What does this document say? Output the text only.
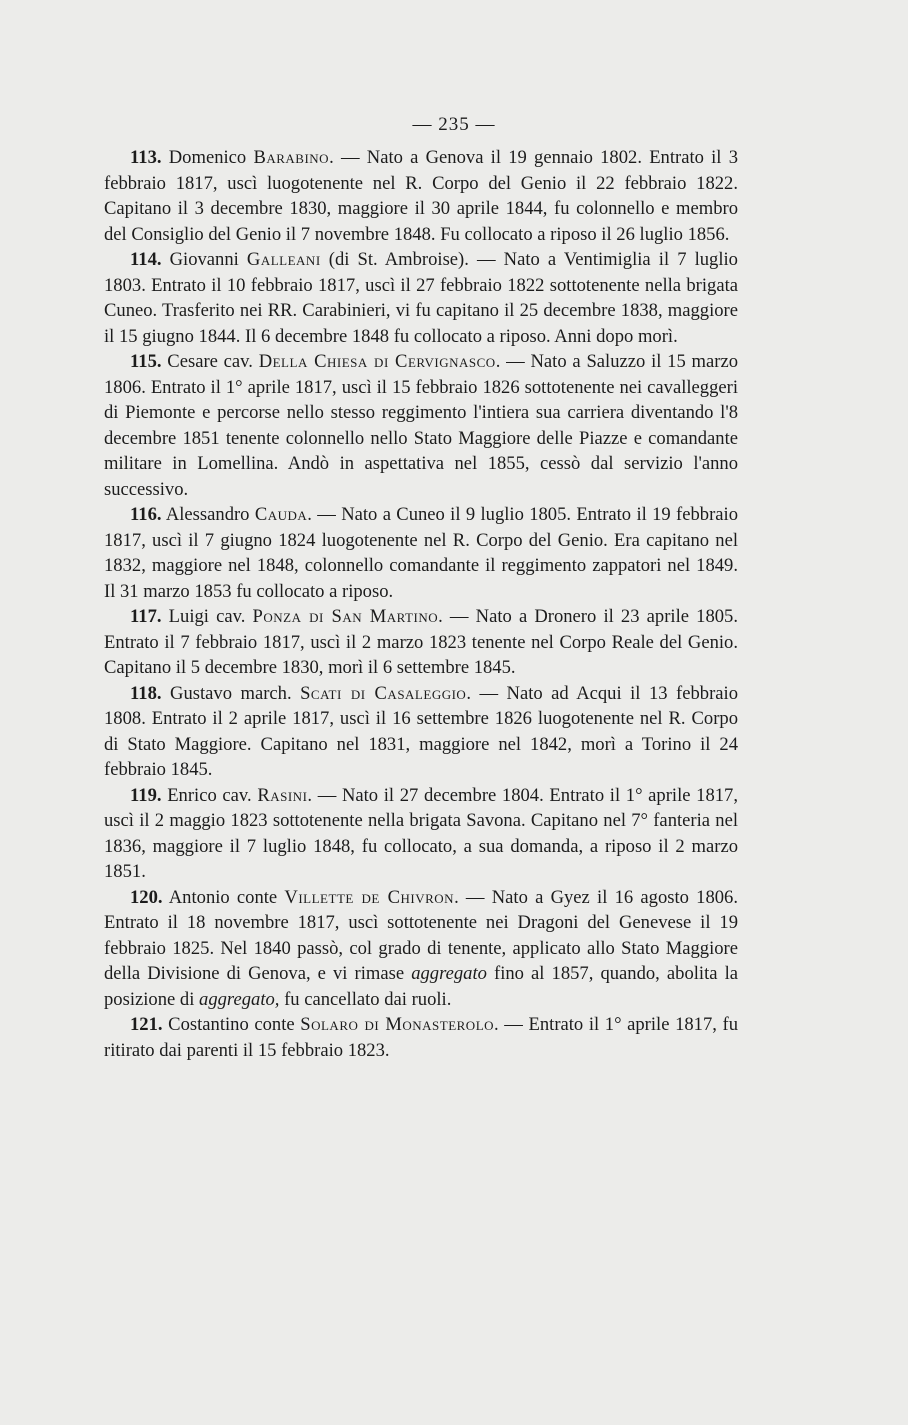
— 235 —

113. Domenico Barabino. — Nato a Genova il 19 gennaio 1802. Entrato il 3 febbraio 1817, uscì luogotenente nel R. Corpo del Genio il 22 febbraio 1822. Capitano il 3 decembre 1830, maggiore il 30 aprile 1844, fu colonnello e membro del Consiglio del Genio il 7 novembre 1848. Fu collocato a riposo il 26 luglio 1856.

114. Giovanni Galleani (di St. Ambroise). — Nato a Ventimiglia il 7 luglio 1803. Entrato il 10 febbraio 1817, uscì il 27 febbraio 1822 sottotenente nella brigata Cuneo. Trasferito nei RR. Carabinieri, vi fu capitano il 25 decembre 1838, maggiore il 15 giugno 1844. Il 6 decembre 1848 fu collocato a riposo. Anni dopo morì.

115. Cesare cav. Della Chiesa di Cervignasco. — Nato a Saluzzo il 15 marzo 1806. Entrato il 1° aprile 1817, uscì il 15 febbraio 1826 sottotenente nei cavalleggeri di Piemonte e percorse nello stesso reggimento l'intiera sua carriera diventando l'8 decembre 1851 tenente colonnello nello Stato Maggiore delle Piazze e comandante militare in Lomellina. Andò in aspettativa nel 1855, cessò dal servizio l'anno successivo.

116. Alessandro Cauda. — Nato a Cuneo il 9 luglio 1805. Entrato il 19 febbraio 1817, uscì il 7 giugno 1824 luogotenente nel R. Corpo del Genio. Era capitano nel 1832, maggiore nel 1848, colonnello comandante il reggimento zappatori nel 1849. Il 31 marzo 1853 fu collocato a riposo.

117. Luigi cav. Ponza di San Martino. — Nato a Dronero il 23 aprile 1805. Entrato il 7 febbraio 1817, uscì il 2 marzo 1823 tenente nel Corpo Reale del Genio. Capitano il 5 decembre 1830, morì il 6 settembre 1845.

118. Gustavo march. Scati di Casaleggio. — Nato ad Acqui il 13 febbraio 1808. Entrato il 2 aprile 1817, uscì il 16 settembre 1826 luogotenente nel R. Corpo di Stato Maggiore. Capitano nel 1831, maggiore nel 1842, morì a Torino il 24 febbraio 1845.

119. Enrico cav. Rasini. — Nato il 27 decembre 1804. Entrato il 1° aprile 1817, uscì il 2 maggio 1823 sottotenente nella brigata Savona. Capitano nel 7° fanteria nel 1836, maggiore il 7 luglio 1848, fu collocato, a sua domanda, a riposo il 2 marzo 1851.

120. Antonio conte Villette de Chivron. — Nato a Gyez il 16 agosto 1806. Entrato il 18 novembre 1817, uscì sottotenente nei Dragoni del Genevese il 19 febbraio 1825. Nel 1840 passò, col grado di tenente, applicato allo Stato Maggiore della Divisione di Genova, e vi rimase aggregato fino al 1857, quando, abolita la posizione di aggregato, fu cancellato dai ruoli.

121. Costantino conte Solaro di Monasterolo. — Entrato il 1° aprile 1817, fu ritirato dai parenti il 15 febbraio 1823.
